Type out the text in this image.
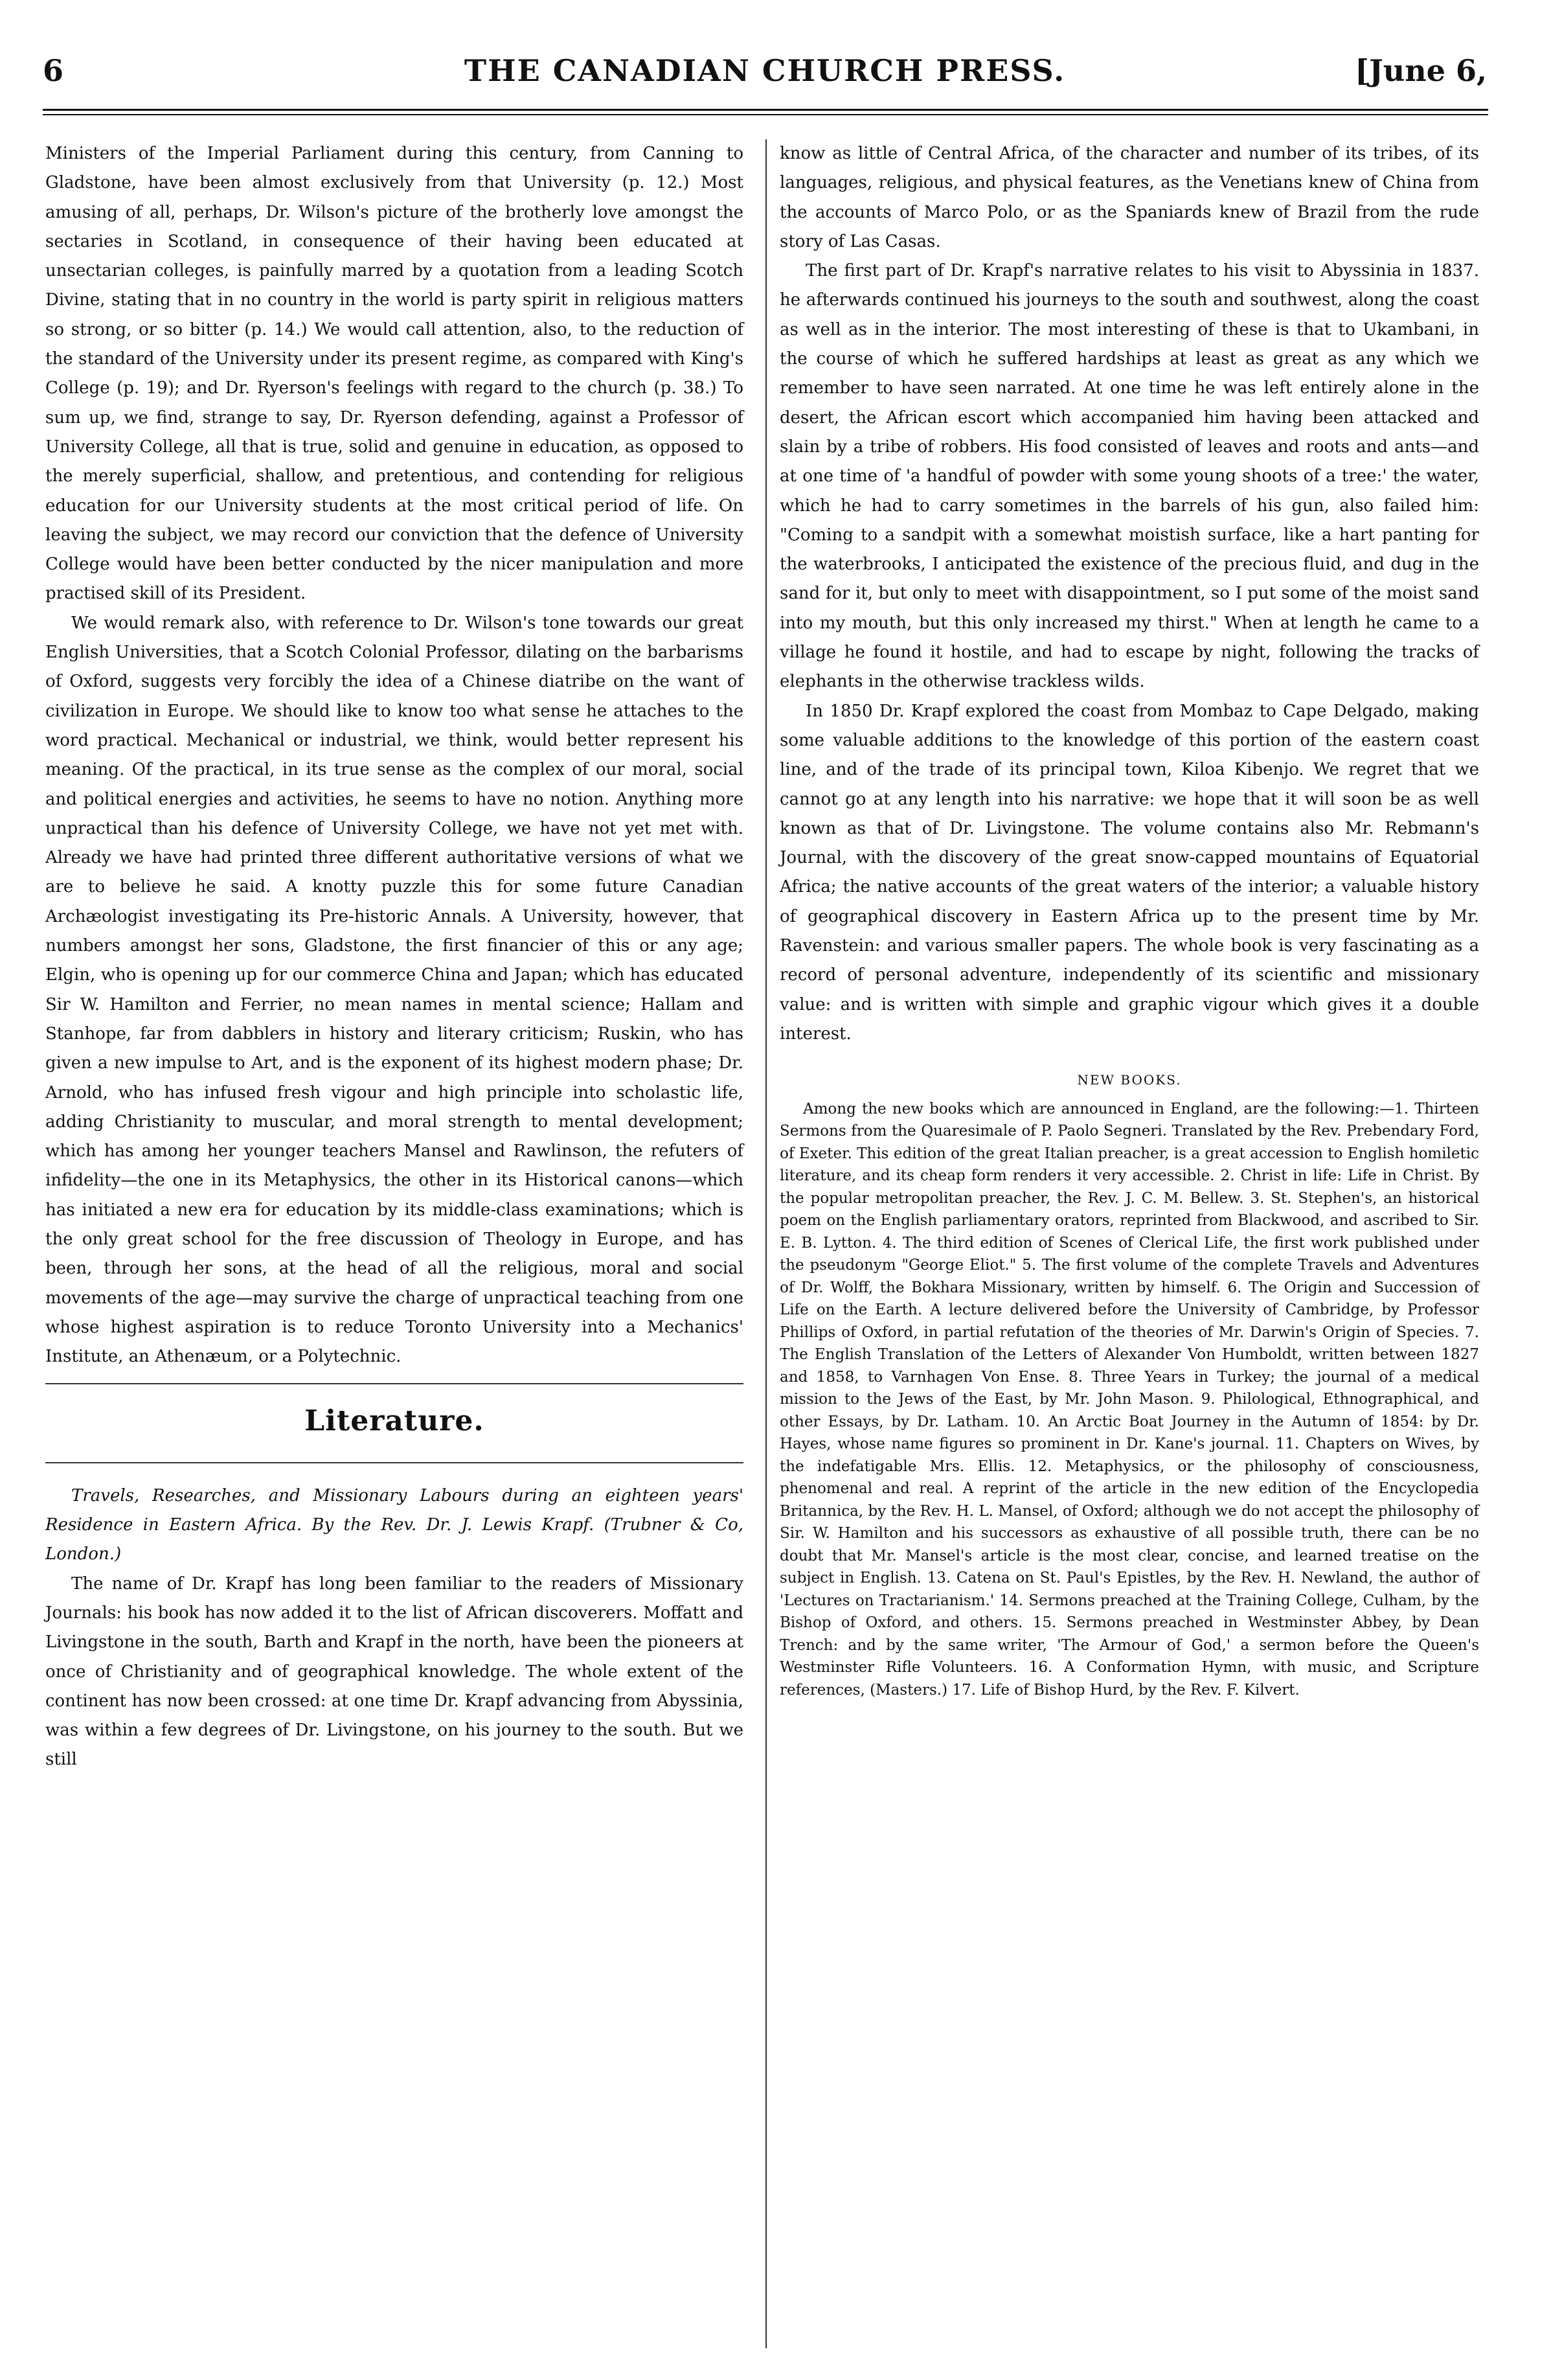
6	THE CANADIAN CHURCH PRESS.	[June 6,

Ministers of the Imperial Parliament during this century, from Canning to Gladstone, have been almost exclusively from that University (p. 12.) Most amusing of all, perhaps, Dr. Wilson's picture of the brotherly love amongst the sectaries in Scotland, in consequence of their having been educated at unsectarian colleges, is painfully marred by a quotation from a leading Scotch Divine, stating that in no country in the world is party spirit in religious matters so strong, or so bitter (p. 14.) We would call attention, also, to the reduction of the standard of the University under its present regime, as compared with King's College (p. 19); and Dr. Ryerson's feelings with regard to the church (p. 38.) To sum up, we find, strange to say, Dr. Ryerson defending, against a Professor of University College, all that is true, solid and genuine in education, as opposed to the merely superficial, shallow, and pretentious, and contending for religious education for our University students at the most critical period of life. On leaving the subject, we may record our conviction that the defence of University College would have been better conducted by the nicer manipulation and more practised skill of its President.

We would remark also, with reference to Dr. Wilson's tone towards our great English Universities, that a Scotch Colonial Professor, dilating on the barbarisms of Oxford, suggests very forcibly the idea of a Chinese diatribe on the want of civilization in Europe. We should like to know too what sense he attaches to the word practical. Mechanical or industrial, we think, would better represent his meaning. Of the practical, in its true sense as the complex of our moral, social and political energies and activities, he seems to have no notion. Anything more unpractical than his defence of University College, we have not yet met with. Already we have had printed three different authoritative versions of what we are to believe he said. A knotty puzzle this for some future Canadian Archæologist investigating its Pre-historic Annals. A University, however, that numbers amongst her sons, Gladstone, the first financier of this or any age; Elgin, who is opening up for our commerce China and Japan; which has educated Sir W. Hamilton and Ferrier, no mean names in mental science; Hallam and Stanhope, far from dabblers in history and literary criticism; Ruskin, who has given a new impulse to Art, and is the exponent of its highest modern phase; Dr. Arnold, who has infused fresh vigour and high principle into scholastic life, adding Christianity to muscular, and moral strength to mental development; which has among her younger teachers Mansel and Rawlinson, the refuters of infidelity—the one in its Metaphysics, the other in its Historical canons—which has initiated a new era for education by its middle-class examinations; which is the only great school for the free discussion of Theology in Europe, and has been, through her sons, at the head of all the religious, moral and social movements of the age—may survive the charge of unpractical teaching from one whose highest aspiration is to reduce Toronto University into a Mechanics' Institute, an Athenæum, or a Polytechnic.

Literature.

Travels, Researches, and Missionary Labours during an eighteen years' Residence in Eastern Africa. By the Rev. Dr. J. Lewis Krapf. (Trubner & Co, London.)

The name of Dr. Krapf has long been familiar to the readers of Missionary Journals: his book has now added it to the list of African discoverers. Moffatt and Livingstone in the south, Barth and Krapf in the north, have been the pioneers at once of Christianity and of geographical knowledge. The whole extent of the continent has now been crossed: at one time Dr. Krapf advancing from Abyssinia, was within a few degrees of Dr. Livingstone, on his journey to the south. But we still

know as little of Central Africa, of the character and number of its tribes, of its languages, religious, and physical features, as the Venetians knew of China from the accounts of Marco Polo, or as the Spaniards knew of Brazil from the rude story of Las Casas.

The first part of Dr. Krapf's narrative relates to his visit to Abyssinia in 1837. he afterwards continued his journeys to the south and southwest, along the coast as well as in the interior. The most interesting of these is that to Ukambani, in the course of which he suffered hardships at least as great as any which we remember to have seen narrated. At one time he was left entirely alone in the desert, the African escort which accompanied him having been attacked and slain by a tribe of robbers. His food consisted of leaves and roots and ants—and at one time of 'a handful of powder with some young shoots of a tree:' the water, which he had to carry sometimes in the barrels of his gun, also failed him: "Coming to a sandpit with a somewhat moistish surface, like a hart panting for the waterbrooks, I anticipated the existence of the precious fluid, and dug in the sand for it, but only to meet with disappointment, so I put some of the moist sand into my mouth, but this only increased my thirst." When at length he came to a village he found it hostile, and had to escape by night, following the tracks of elephants in the otherwise trackless wilds.

In 1850 Dr. Krapf explored the coast from Mombaz to Cape Delgado, making some valuable additions to the knowledge of this portion of the eastern coast line, and of the trade of its principal town, Kiloa Kibenjo. We regret that we cannot go at any length into his narrative: we hope that it will soon be as well known as that of Dr. Livingstone. The volume contains also Mr. Rebmann's Journal, with the discovery of the great snow-capped mountains of Equatorial Africa; the native accounts of the great waters of the interior; a valuable history of geographical discovery in Eastern Africa up to the present time by Mr. Ravenstein: and various smaller papers. The whole book is very fascinating as a record of personal adventure, independently of its scientific and missionary value: and is written with simple and graphic vigour which gives it a double interest.

NEW BOOKS.

Among the new books which are announced in England, are the following:—1. Thirteen Sermons from the Quaresimale of P. Paolo Segneri. Translated by the Rev. Prebendary Ford, of Exeter. This edition of the great Italian preacher, is a great accession to English homiletic literature, and its cheap form renders it very accessible. 2. Christ in life: Life in Christ. By the popular metropolitan preacher, the Rev. J. C. M. Bellew. 3. St. Stephen's, an historical poem on the English parliamentary orators, reprinted from Blackwood, and ascribed to Sir. E. B. Lytton. 4. The third edition of Scenes of Clerical Life, the first work published under the pseudonym "George Eliot." 5. The first volume of the complete Travels and Adventures of Dr. Wolff, the Bokhara Missionary, written by himself. 6. The Origin and Succession of Life on the Earth. A lecture delivered before the University of Cambridge, by Professor Phillips of Oxford, in partial refutation of the theories of Mr. Darwin's Origin of Species. 7. The English Translation of the Letters of Alexander Von Humboldt, written between 1827 and 1858, to Varnhagen Von Ense. 8. Three Years in Turkey; the journal of a medical mission to the Jews of the East, by Mr. John Mason. 9. Philological, Ethnographical, and other Essays, by Dr. Latham. 10. An Arctic Boat Journey in the Autumn of 1854: by Dr. Hayes, whose name figures so prominent in Dr. Kane's journal. 11. Chapters on Wives, by the indefatigable Mrs. Ellis. 12. Metaphysics, or the philosophy of consciousness, phenomenal and real. A reprint of the article in the new edition of the Encyclopedia Britannica, by the Rev. H. L. Mansel, of Oxford; although we do not accept the philosophy of Sir. W. Hamilton and his successors as exhaustive of all possible truth, there can be no doubt that Mr. Mansel's article is the most clear, concise, and learned treatise on the subject in English. 13. Catena on St. Paul's Epistles, by the Rev. H. Newland, the author of 'Lectures on Tractarianism.' 14. Sermons preached at the Training College, Culham, by the Bishop of Oxford, and others. 15. Sermons preached in Westminster Abbey, by Dean Trench: and by the same writer, 'The Armour of God,' a sermon before the Queen's Westminster Rifle Volunteers. 16. A Conformation Hymn, with music, and Scripture references, (Masters.) 17. Life of Bishop Hurd, by the Rev. F. Kilvert.
